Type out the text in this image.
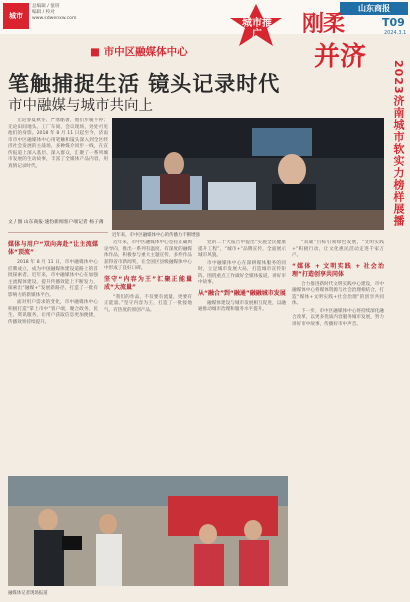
城市
总编辑 / 值班
编辑 / 校对
www.sdwenxw.com
山东商报
T09
2024.3.1
城市推广	刚柔
并济
2023济南城市软实力榜样展播
■ 市中区融媒体中心
笔触捕捉生活 镜头记录时代
市中融媒与城市共向上

无论春夏秋冬、严寒酷暑，他们步履不停；无论田间地头、工厂车间、会议现场，处处可见他们的身影。2018 年 8 月 11 日起至今，济南市市中区融媒体中心用笔触和镜头深入到全区经济社会发展的主战场，多种媒介同步一线，在宣传报道上深入基层、深入群众，汇聚了一系列城市发展的生动故事，丰富了全媒体产品内容，用真情记录时代。

文 / 图 山东商报·速豹新闻客户端记者 杨子薄
近年来，市中区融媒体中心的传播力不断增强
媒体与用户“双向奔赴”让主流媒体“顶流”

2018 年 8 月 11 日，市中融媒体中心挂牌成立，成为中国融媒体建设道路上的首批探索者。近年来，市中融媒体中心在加强主流媒体建设、提升传播效能上不断发力，探索出“融媒+”发展新路径，打造了一批有影响力的新媒体平台。

面对用户需求的变化，市中融媒体中心积极打造“掌上市中”客户端，聚合政务、民生、资讯服务，让用户获取信息更加便捷，传播效果持续提升。

近年来，市中区融媒体中心坚持正确舆论导向，推出一系列有温度、有深度的融媒体作品，积极参与重大主题宣传，多件作品获得省市新闻奖，在全国区县级融媒体中心中形成了良好口碑。

坚守“内容为王”汇聚正能量成“大流量”

“我们的作品，不仅要有流量，更要有正能量。”坚守内容为王，打造了一批接地气、有热度的原创产品。

党的二十大报告中提出“实施全民健康提升工程”，“城市+”品牌宣传，全面展示城市风貌。

市中融媒体中心在深耕媒体服务的同时，立足城市发展大局，打造城市宣传矩阵，围绕重点工作做好全媒体报道，讲好市中故事。

从“融合”到“融通”融融城市发展

融媒体建设与城市发展相互促进，以融通推动城市治理和服务水平提升。

“双碳”目标引领绿色发展，“文明实践+”积极行动，让文化惠民活动走进千家万户。

“媒体 + 文明实践 + 社会治理”打造创享共同体

合力推进新时代文明实践中心建设，市中融媒体中心将媒体资源与社会治理相结合，打造“媒体+文明实践+社会治理”的创享共同体。

下一步，市中区融媒体中心将持续深化融合改革，以更多优质内容服务城市发展，努力讲好市中故事、传播好市中声音。

融媒体记者现场报道
